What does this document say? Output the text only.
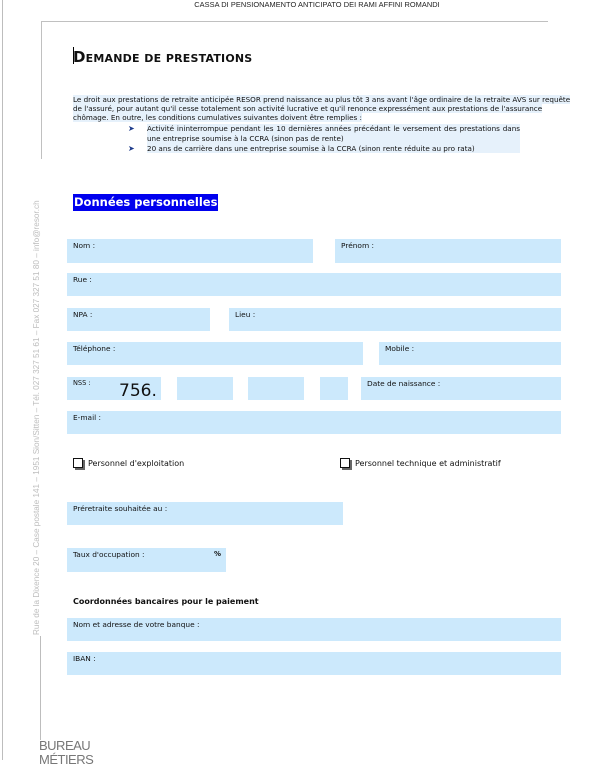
CASSA DI PENSIONAMENTO ANTICIPATO DEI RAMI AFFINI ROMANDI
DEMANDE DE PRESTATIONS
Le droit aux prestations de retraite anticipée RESOR prend naissance au plus tôt 3 ans avant l'âge ordinaire de la retraite AVS sur requête de l'assuré, pour autant qu'il cesse totalement son activité lucrative et qu'il renonce expressément aux prestations de l'assurance chômage. En outre, les conditions cumulatives suivantes doivent être remplies :
➤	Activité ininterrompue pendant les 10 dernières années précédant le versement des prestations dans une entreprise soumise à la CCRA (sinon pas de rente)
➤	20 ans de carrière dans une entreprise soumise à la CCRA (sinon rente réduite au pro rata)
Données personnelles
Nom :	Prénom :
Rue :
NPA :	Lieu :
Téléphone :	Mobile :
NSS : 756.	Date de naissance :
E-mail :
Personnel d'exploitation	Personnel technique et administratif
Préretraite souhaitée au :
Taux d'occupation :	%
Coordonnées bancaires pour le paiement
Nom et adresse de votre banque :
IBAN :
Rue de la Dixence 20 – Case postale 141 – 1951 Sion/Sitten – Tél. 027 327 51 61 – Fax 027 327 51 80 – info@resor.ch
BUREAU
MÉTIERS
